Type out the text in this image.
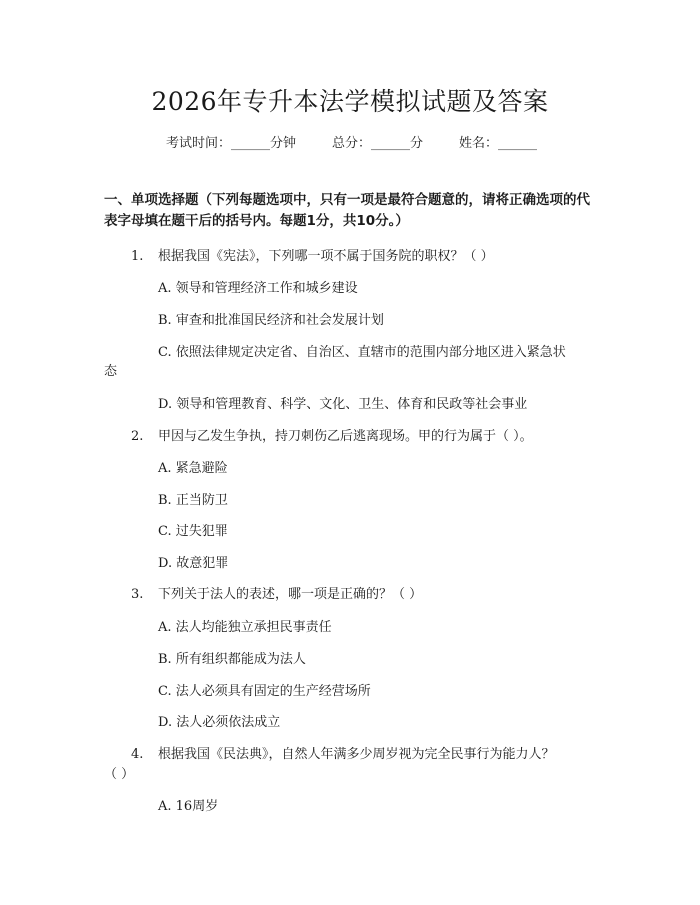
2026年专升本法学模拟试题及答案
考试时间：______分钟	总分：______分	姓名：______
一、单项选择题（下列每题选项中，只有一项是最符合题意的，请将正确选项的代表字母填在题干后的括号内。每题1分，共10分。）
1. 根据我国《宪法》，下列哪一项不属于国务院的职权？（ ）
A. 领导和管理经济工作和城乡建设
B. 审查和批准国民经济和社会发展计划
C. 依照法律规定决定省、自治区、直辖市的范围内部分地区进入紧急状
态
D. 领导和管理教育、科学、文化、卫生、体育和民政等社会事业
2. 甲因与乙发生争执，持刀刺伤乙后逃离现场。甲的行为属于（ ）。
A. 紧急避险
B. 正当防卫
C. 过失犯罪
D. 故意犯罪
3. 下列关于法人的表述，哪一项是正确的？（ ）
A. 法人均能独立承担民事责任
B. 所有组织都能成为法人
C. 法人必须具有固定的生产经营场所
D. 法人必须依法成立
4. 根据我国《民法典》，自然人年满多少周岁视为完全民事行为能力人？
（ ）
A. 16周岁
